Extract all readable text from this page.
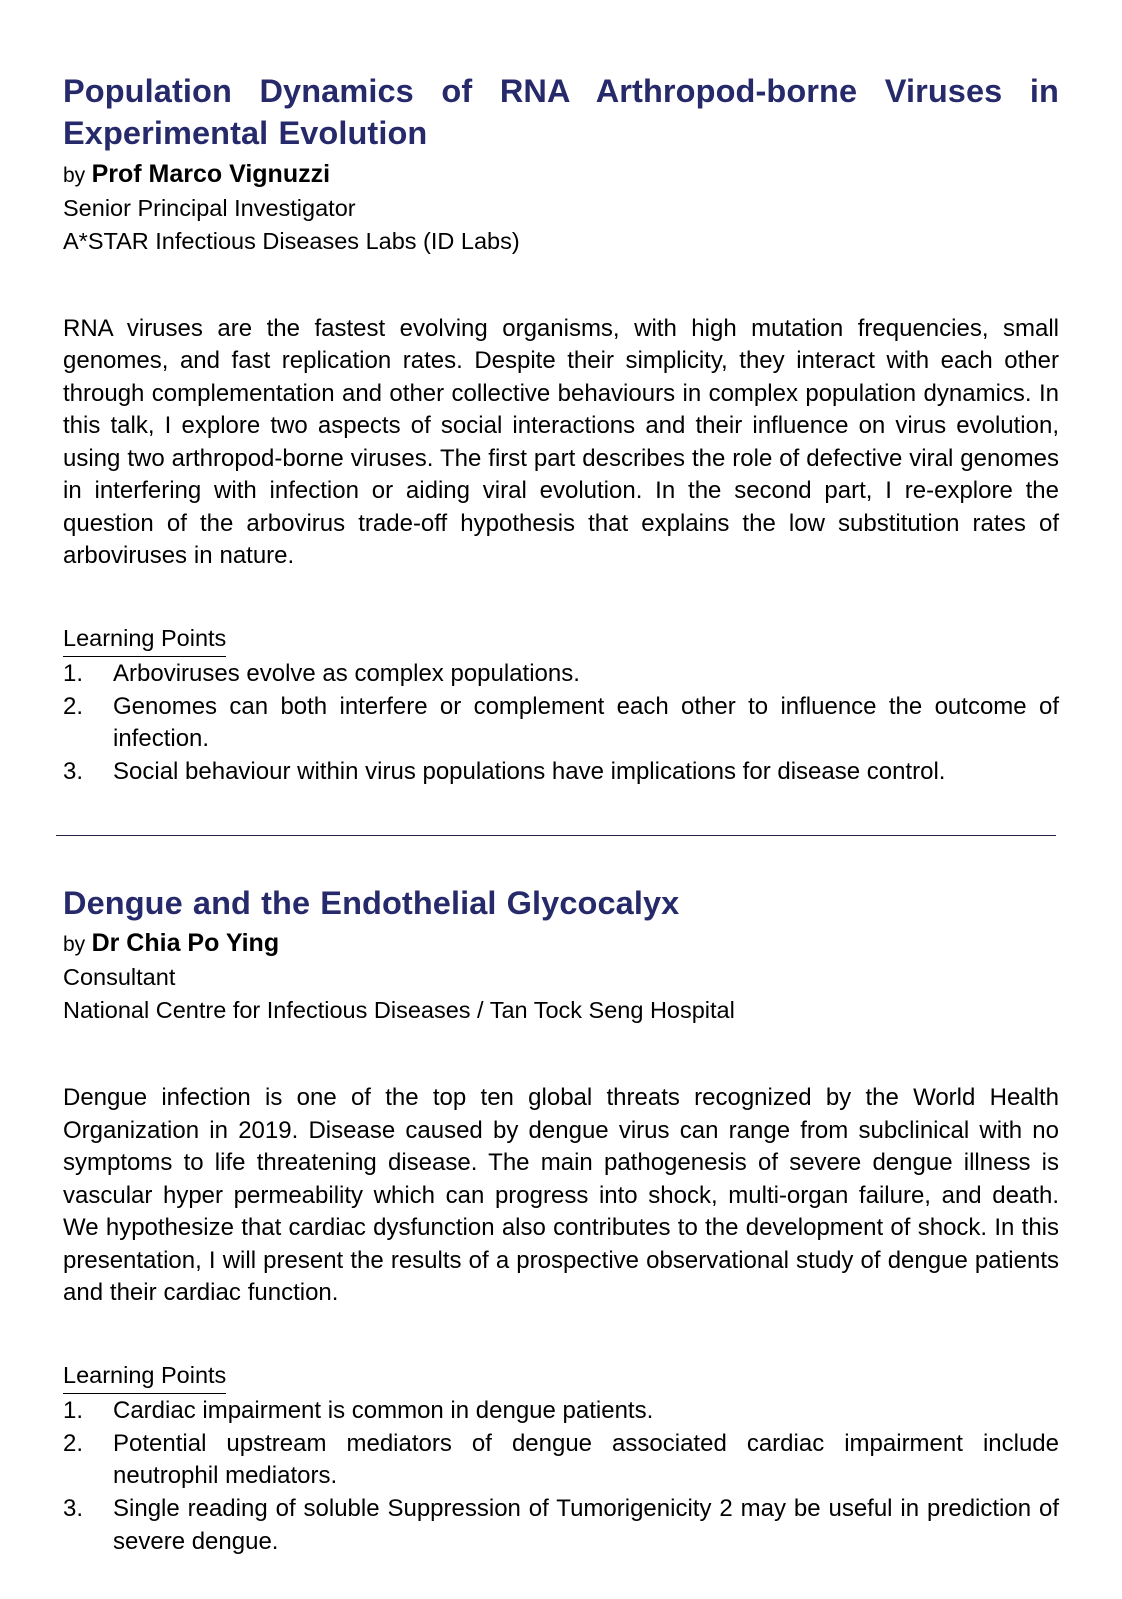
Population Dynamics of RNA Arthropod-borne Viruses in Experimental Evolution

by Prof Marco Vignuzzi

Senior Principal Investigator

A*STAR Infectious Diseases Labs (ID Labs)

RNA viruses are the fastest evolving organisms, with high mutation frequencies, small genomes, and fast replication rates. Despite their simplicity, they interact with each other through complementation and other collective behaviours in complex population dynamics. In this talk, I explore two aspects of social interactions and their influence on virus evolution, using two arthropod-borne viruses. The first part describes the role of defective viral genomes in interfering with infection or aiding viral evolution. In the second part, I re-explore the question of the arbovirus trade-off hypothesis that explains the low substitution rates of arboviruses in nature.

Learning Points
1.	Arboviruses evolve as complex populations.
2.	Genomes can both interfere or complement each other to influence the outcome of infection.
3.	Social behaviour within virus populations have implications for disease control.
Dengue and the Endothelial Glycocalyx

by Dr Chia Po Ying

Consultant

National Centre for Infectious Diseases / Tan Tock Seng Hospital

Dengue infection is one of the top ten global threats recognized by the World Health Organization in 2019. Disease caused by dengue virus can range from subclinical with no symptoms to life threatening disease. The main pathogenesis of severe dengue illness is vascular hyper permeability which can progress into shock, multi-organ failure, and death. We hypothesize that cardiac dysfunction also contributes to the development of shock. In this presentation, I will present the results of a prospective observational study of dengue patients and their cardiac function.

Learning Points
1.	Cardiac impairment is common in dengue patients.
2.	Potential upstream mediators of dengue associated cardiac impairment include neutrophil mediators.
3.	Single reading of soluble Suppression of Tumorigenicity 2 may be useful in prediction of severe dengue.
